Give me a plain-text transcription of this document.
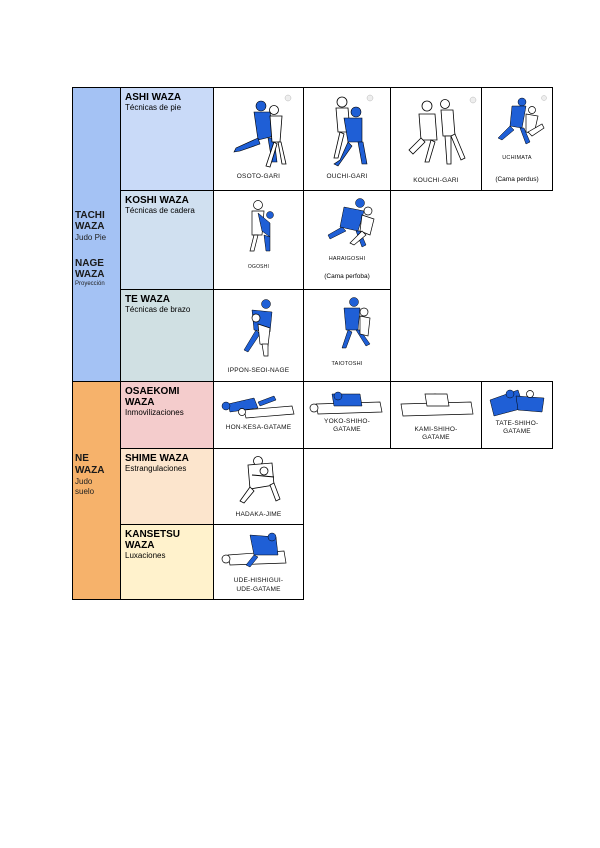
TACHI
WAZA
Judo Pie
NAGE
WAZA
Proyección
NE
WAZA
Judo
suelo
ASHI WAZA
Técnicas de pie
KOSHI WAZA
Técnicas de cadera
TE WAZA
Técnicas de brazo
OSAEKOMI WAZA
Inmovilizaciones
SHIME WAZA
Estrangulaciones
KANSETSU WAZA
Luxaciones
OSOTO-GARI	OUCHI-GARI
KOUCHI-GARI
UCHIMATA
(Cama perdus)
OGOSHI
HARAIGOSHI
(Cama perfoba)
IPPON-SEOI-NAGE
TAIOTOSHI
HON-KESA-GATAME
YOKO-SHIHO-
GATAME	KAMI-SHIHO-
GATAME
TATE-SHIHO-
GATAME
HADAKA-JIME
UDE-HISHIGUI-
UDE-GATAME
